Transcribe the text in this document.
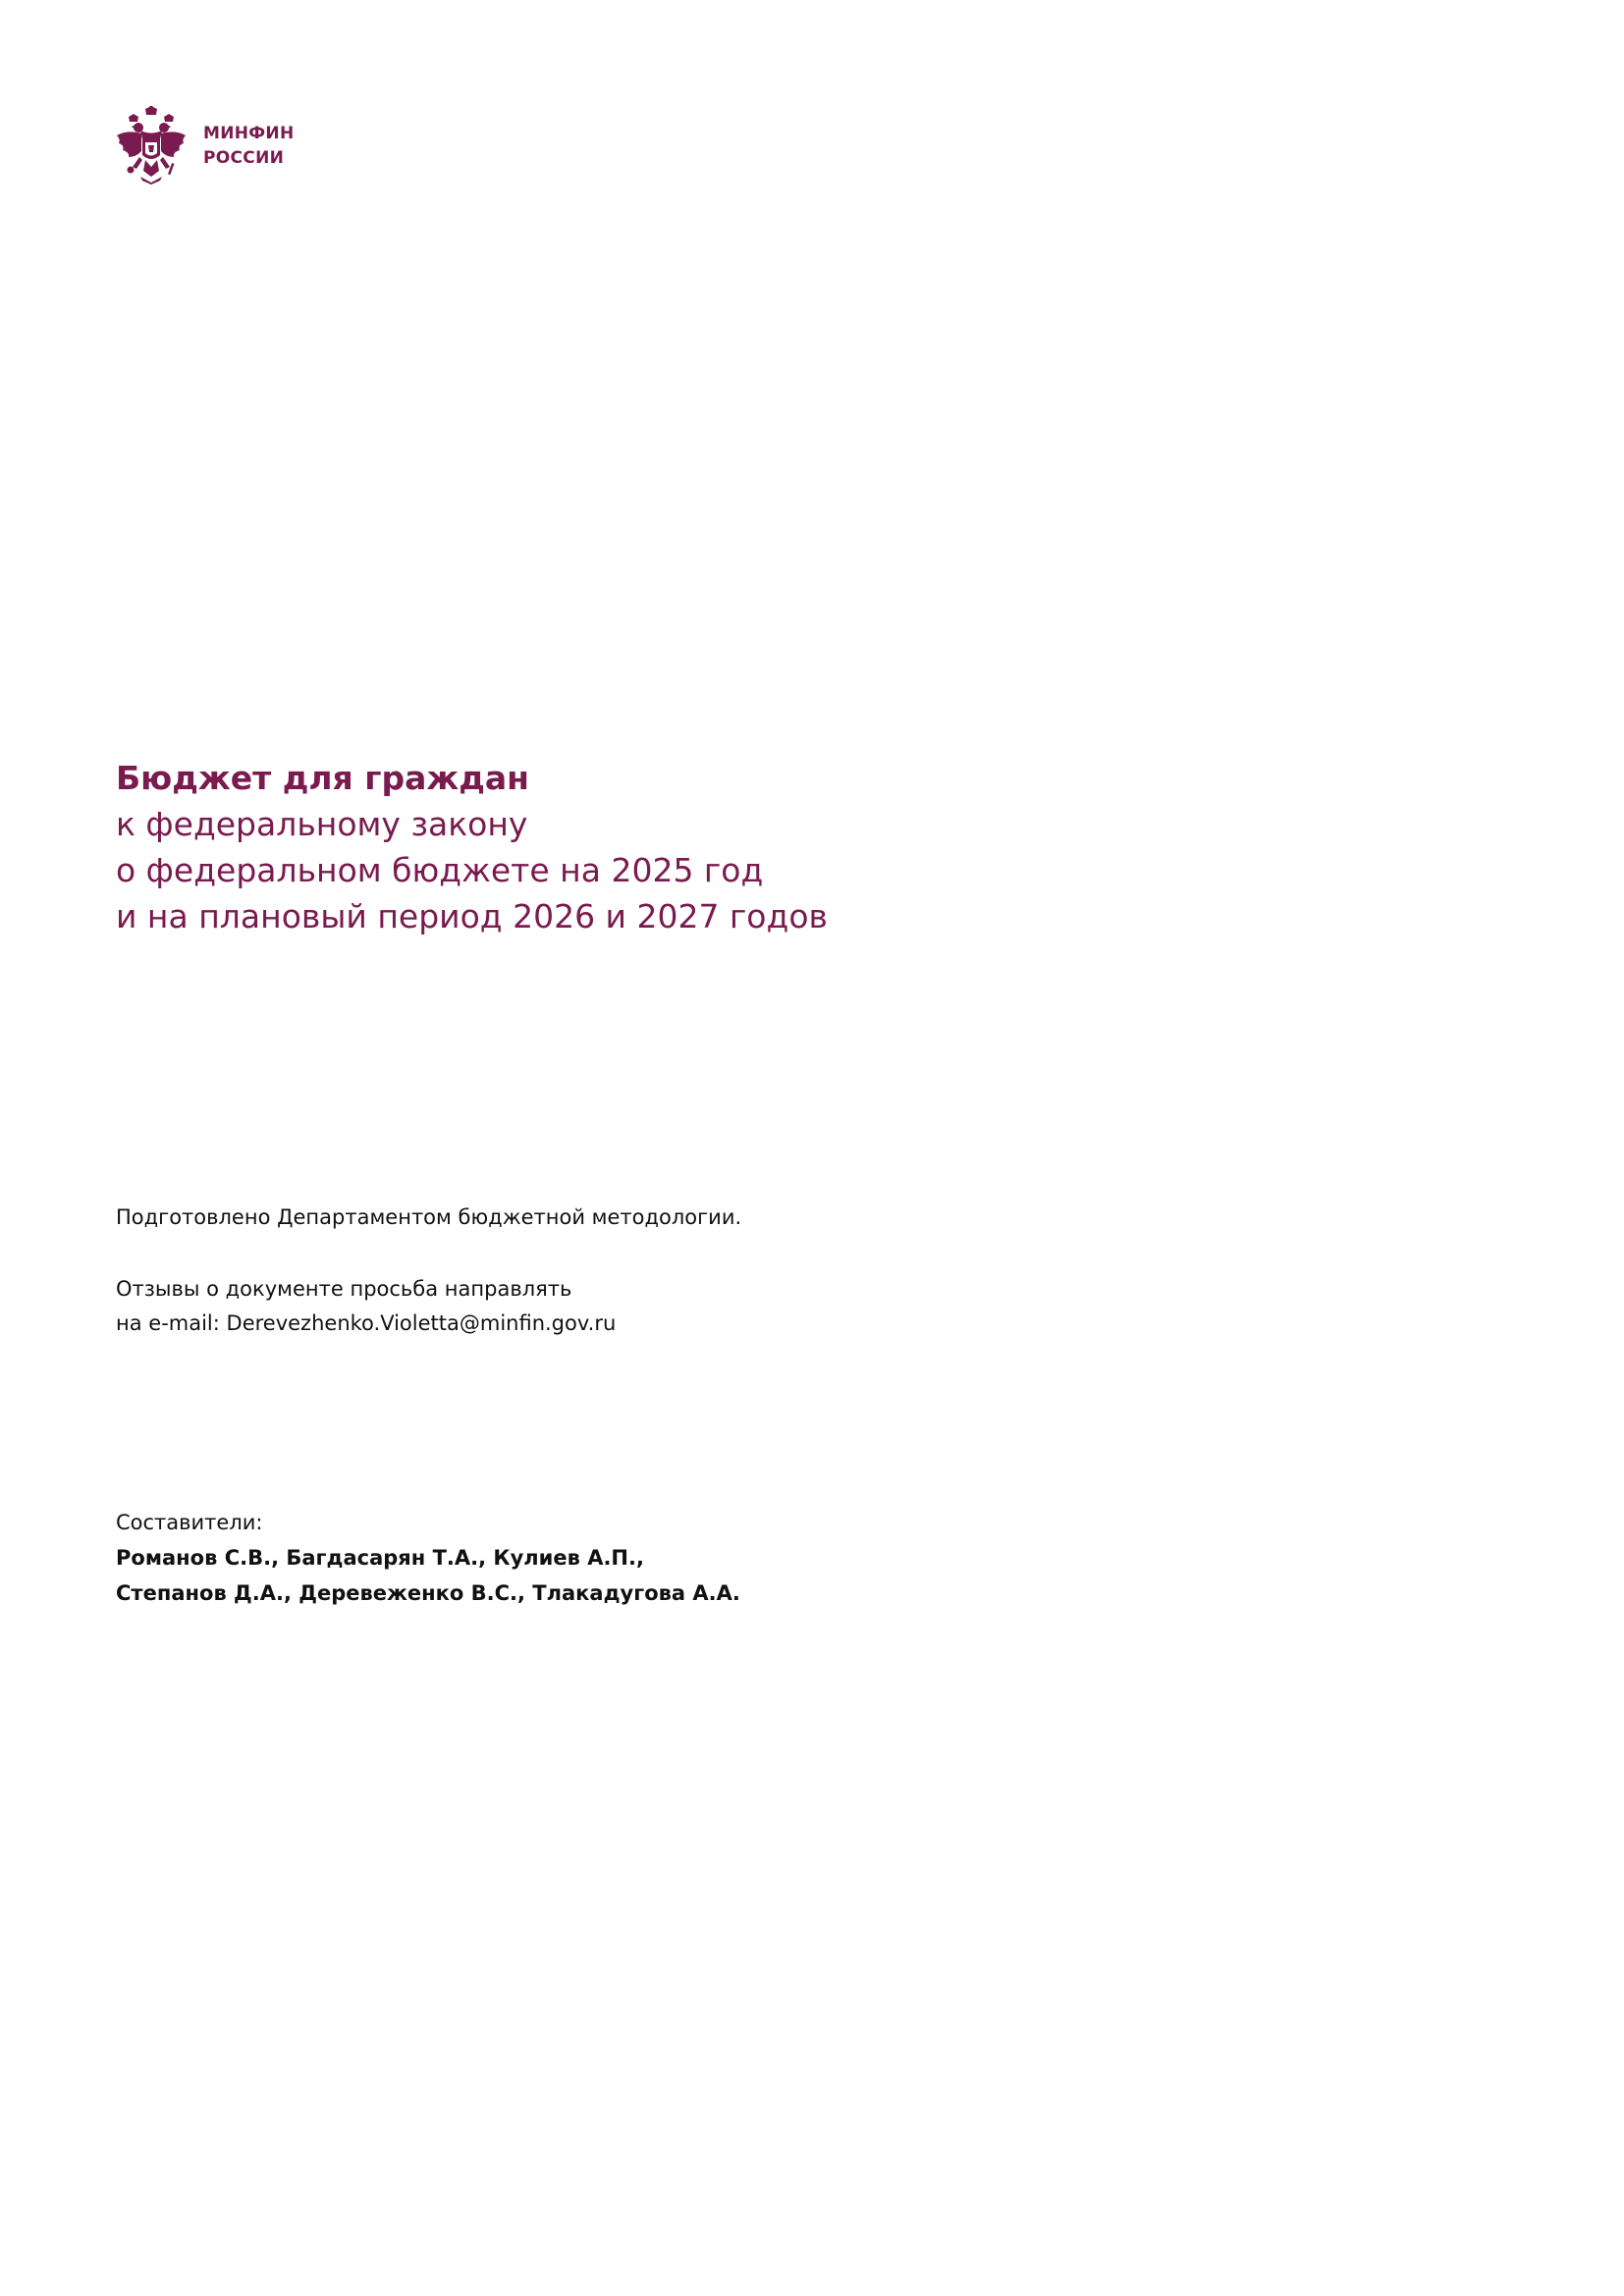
МИНФИН
РОССИИ

Бюджет для граждан

к федеральному закону

о федеральном бюджете на 2025 год

и на плановый период 2026 и 2027 годов

Подготовлено Департаментом бюджетной методологии.
Отзывы о документе просьба направлять
на e-mail: Derevezhenko.Violetta@minfin.gov.ru
Составители:
Романов С.В., Багдасарян Т.А., Кулиев А.П.,
Степанов Д.А., Деревеженко В.С., Тлакадугова А.А.
